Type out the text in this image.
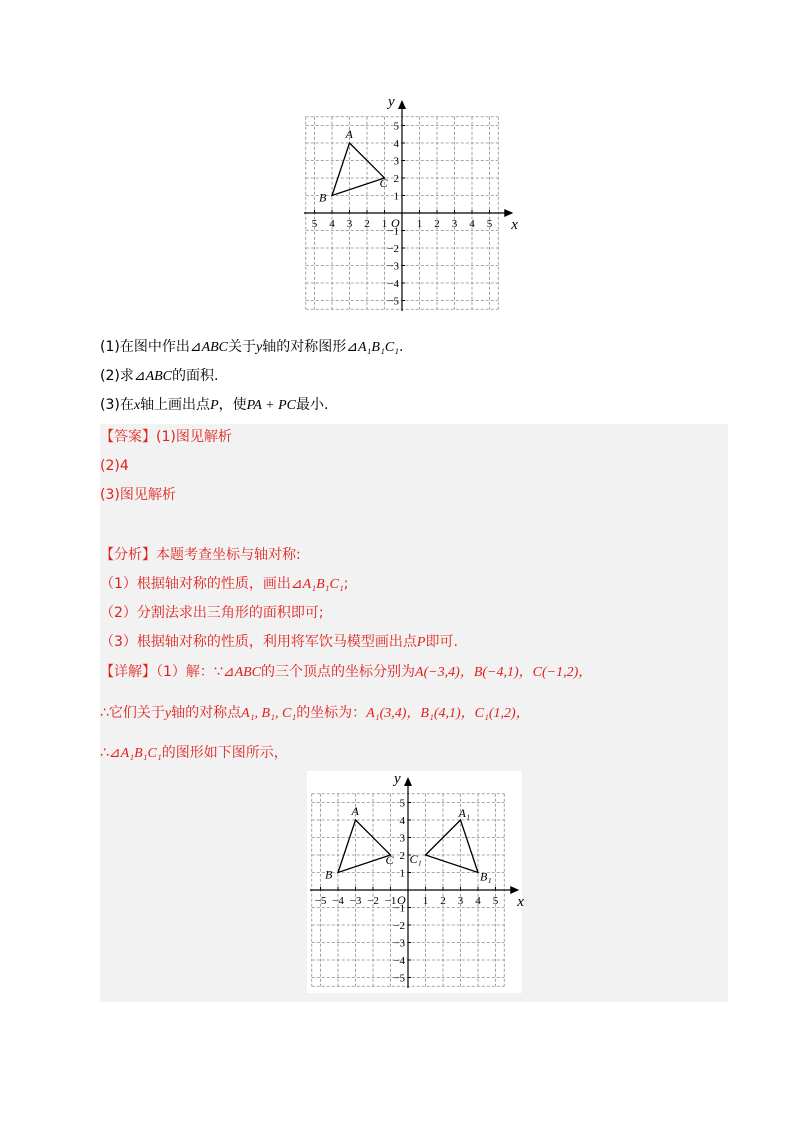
5 4 3 2 1	1 2 3 4 5
5
4
3
2
1
−1
−2
−3
−4
−5
x
y
O
A
B
C
(1)在图中作出⊿ABC关于y轴的对称图形⊿A₁B₁C₁.
(2)求⊿ABC的面积.
(3)在x轴上画出点P，使PA + PC最小.
【答案】(1)图见解析
(2)4
(3)图见解析
【分析】本题考查坐标与轴对称:
（1）根据轴对称的性质，画出⊿A₁B₁C₁;
（2）分割法求出三角形的面积即可;
（3）根据轴对称的性质，利用将军饮马模型画出点P即可.
【详解】（1）解：∵⊿ABC的三个顶点的坐标分别为A(−3,4)，B(−4,1)，C(−1,2)，
∴它们关于y轴的对称点A₁, B₁, C₁的坐标为：A₁(3,4)，B₁(4,1)，C₁(1,2)，
∴⊿A₁B₁C₁的图形如下图所示，
−5 −4 −3 −2 −1 1 2 3 4 5
5
4
3
2
1
−1
−2
−3
−4
−5
x
y
O
A
B
C
A₁
B₁
C₁
